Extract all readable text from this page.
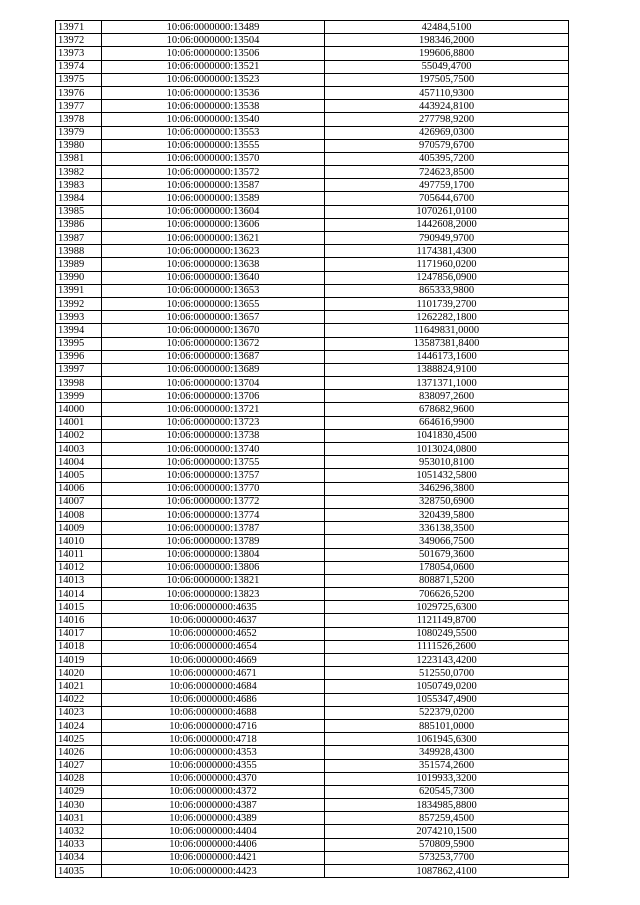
13971	10:06:0000000:13489	42484,5100
13972	10:06:0000000:13504	198346,2000
13973	10:06:0000000:13506	199606,8800
13974	10:06:0000000:13521	55049,4700
13975	10:06:0000000:13523	197505,7500
13976	10:06:0000000:13536	457110,9300
13977	10:06:0000000:13538	443924,8100
13978	10:06:0000000:13540	277798,9200
13979	10:06:0000000:13553	426969,0300
13980	10:06:0000000:13555	970579,6700
13981	10:06:0000000:13570	405395,7200
13982	10:06:0000000:13572	724623,8500
13983	10:06:0000000:13587	497759,1700
13984	10:06:0000000:13589	705644,6700
13985	10:06:0000000:13604	1070261,0100
13986	10:06:0000000:13606	1442608,2000
13987	10:06:0000000:13621	790949,9700
13988	10:06:0000000:13623	1174381,4300
13989	10:06:0000000:13638	1171960,0200
13990	10:06:0000000:13640	1247856,0900
13991	10:06:0000000:13653	865333,9800
13992	10:06:0000000:13655	1101739,2700
13993	10:06:0000000:13657	1262282,1800
13994	10:06:0000000:13670	11649831,0000
13995	10:06:0000000:13672	13587381,8400
13996	10:06:0000000:13687	1446173,1600
13997	10:06:0000000:13689	1388824,9100
13998	10:06:0000000:13704	1371371,1000
13999	10:06:0000000:13706	838097,2600
14000	10:06:0000000:13721	678682,9600
14001	10:06:0000000:13723	664616,9900
14002	10:06:0000000:13738	1041830,4500
14003	10:06:0000000:13740	1013024,0800
14004	10:06:0000000:13755	953010,8100
14005	10:06:0000000:13757	1051432,5800
14006	10:06:0000000:13770	346296,3800
14007	10:06:0000000:13772	328750,6900
14008	10:06:0000000:13774	320439,5800
14009	10:06:0000000:13787	336138,3500
14010	10:06:0000000:13789	349066,7500
14011	10:06:0000000:13804	501679,3600
14012	10:06:0000000:13806	178054,0600
14013	10:06:0000000:13821	808871,5200
14014	10:06:0000000:13823	706626,5200
14015	10:06:0000000:4635	1029725,6300
14016	10:06:0000000:4637	1121149,8700
14017	10:06:0000000:4652	1080249,5500
14018	10:06:0000000:4654	1111526,2600
14019	10:06:0000000:4669	1223143,4200
14020	10:06:0000000:4671	512550,0700
14021	10:06:0000000:4684	1050749,0200
14022	10:06:0000000:4686	1055347,4900
14023	10:06:0000000:4688	522379,0200
14024	10:06:0000000:4716	885101,0000
14025	10:06:0000000:4718	1061945,6300
14026	10:06:0000000:4353	349928,4300
14027	10:06:0000000:4355	351574,2600
14028	10:06:0000000:4370	1019933,3200
14029	10:06:0000000:4372	620545,7300
14030	10:06:0000000:4387	1834985,8800
14031	10:06:0000000:4389	857259,4500
14032	10:06:0000000:4404	2074210,1500
14033	10:06:0000000:4406	570809,5900
14034	10:06:0000000:4421	573253,7700
14035	10:06:0000000:4423	1087862,4100
